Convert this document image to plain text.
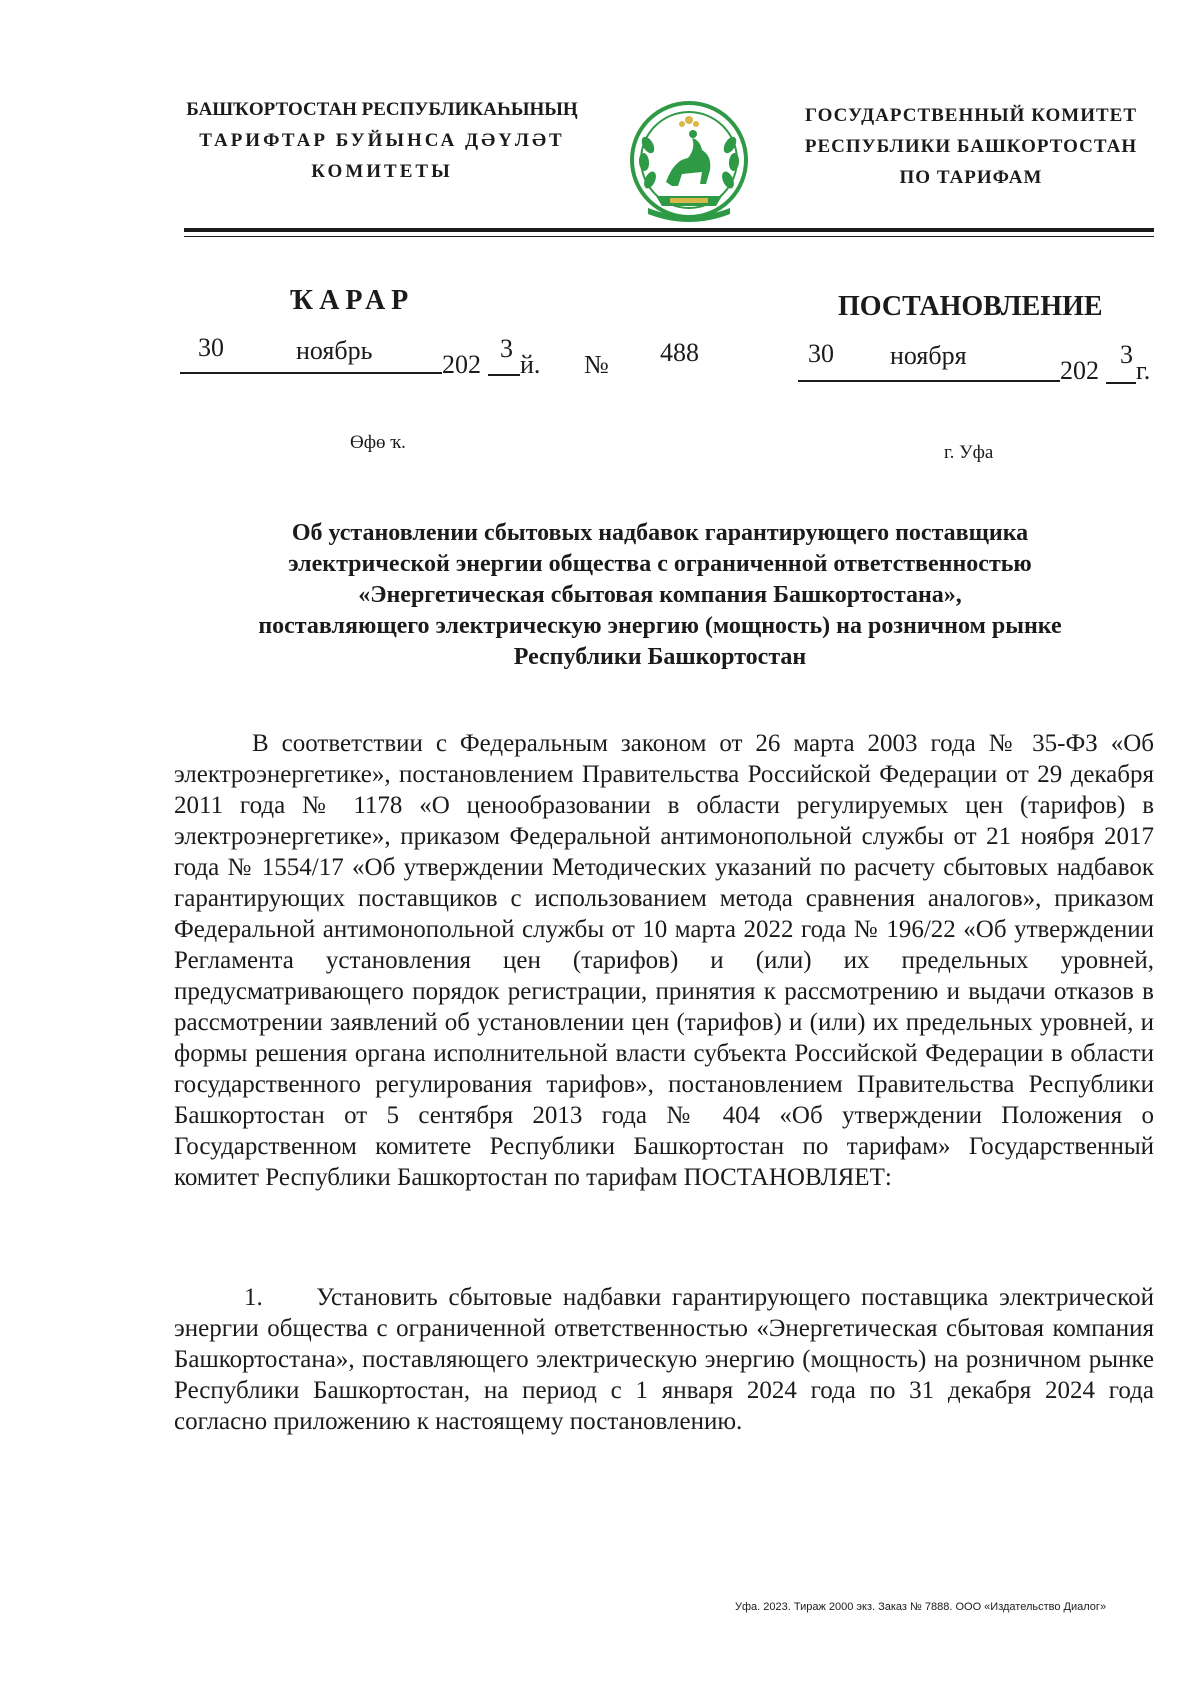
БАШҠОРТОСТАН РЕСПУБЛИКАҺЫНЫҢ
ТАРИФТАР БУЙЫНСА ДӘҮЛӘТ
КОМИТЕТЫ
ГОСУДАРСТВЕННЫЙ КОМИТЕТ
РЕСПУБЛИКИ БАШКОРТОСТАН
ПО ТАРИФАМ
ҠАРАР	ПОСТАНОВЛЕНИЕ
30	ноябрь	202
3
й. № 488	30 ноября
202
3
г.
Өфө ҡ.	г. Уфа
Об установлении сбытовых надбавок гарантирующего поставщика
электрической энергии общества с ограниченной ответственностью
«Энергетическая сбытовая компания Башкортостана»,
поставляющего электрическую энергию (мощность) на розничном рынке
Республики Башкортостан
В соответствии с Федеральным законом от 26 марта 2003 года № 35-ФЗ «Об электроэнергетике», постановлением Правительства Российской Федерации от 29 декабря 2011 года № 1178 «О ценообразовании в области регулируемых цен (тарифов) в электроэнергетике», приказом Федеральной антимонопольной службы от 21 ноября 2017 года № 1554/17 «Об утверждении Методических указаний по расчету сбытовых надбавок гарантирующих поставщиков с использованием метода сравнения аналогов», приказом Федеральной антимонопольной службы от 10 марта 2022 года № 196/22 «Об утверждении Регламента установления цен (тарифов) и (или) их предельных уровней, предусматривающего порядок регистрации, принятия к рассмотрению и выдачи отказов в рассмотрении заявлений об установлении цен (тарифов) и (или) их предельных уровней, и формы решения органа исполнительной власти субъекта Российской Федерации в области государственного регулирования тарифов», постановлением Правительства Республики Башкортостан от 5 сентября 2013 года № 404 «Об утверждении Положения о Государственном комитете Республики Башкортостан по тарифам» Государственный комитет Республики Башкортостан по тарифам ПОСТАНОВЛЯЕТ:
1. Установить сбытовые надбавки гарантирующего поставщика электрической энергии общества с ограниченной ответственностью «Энергетическая сбытовая компания Башкортостана», поставляющего электрическую энергию (мощность) на розничном рынке Республики Башкортостан, на период с 1 января 2024 года по 31 декабря 2024 года согласно приложению к настоящему постановлению.
Уфа. 2023. Тираж 2000 экз. Заказ № 7888. ООО «Издательство Диалог»
